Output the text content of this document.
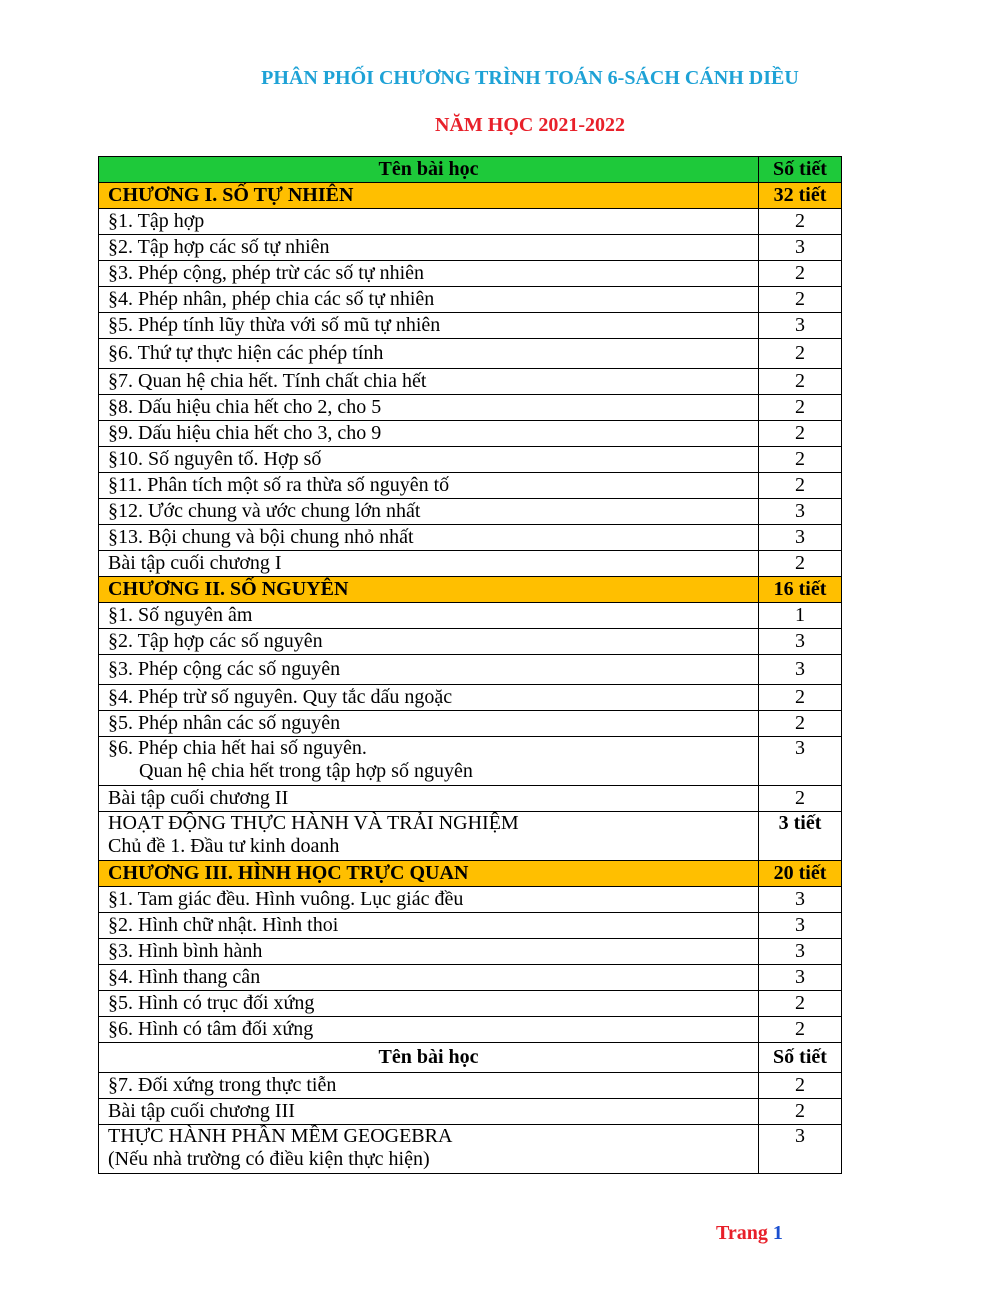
PHÂN PHỐI CHƯƠNG TRÌNH TOÁN 6-SÁCH CÁNH DIỀU

NĂM HỌC 2021-2022

Tên bài học	Số tiết
CHƯƠNG I. SỐ TỰ NHIÊN	32 tiết
§1. Tập hợp	2
§2. Tập hợp các số tự nhiên	3
§3. Phép cộng, phép trừ các số tự nhiên	2
§4. Phép nhân, phép chia các số tự nhiên	2
§5. Phép tính lũy thừa với số mũ tự nhiên	3
§6. Thứ tự thực hiện các phép tính	2
§7. Quan hệ chia hết. Tính chất chia hết	2
§8. Dấu hiệu chia hết cho 2, cho 5	2
§9. Dấu hiệu chia hết cho 3, cho 9	2
§10. Số nguyên tố. Hợp số	2
§11. Phân tích một số ra thừa số nguyên tố	2
§12. Ước chung và ước chung lớn nhất	3
§13. Bội chung và bội chung nhỏ nhất	3
Bài tập cuối chương I	2
CHƯƠNG II. SỐ NGUYÊN	16 tiết
§1. Số nguyên âm	1
§2. Tập hợp các số nguyên	3
§3. Phép cộng các số nguyên	3
§4. Phép trừ số nguyên. Quy tắc dấu ngoặc	2
§5. Phép nhân các số nguyên	2
§6. Phép chia hết hai số nguyên.
Quan hệ chia hết trong tập hợp số nguyên	3
Bài tập cuối chương II	2
HOẠT ĐỘNG THỰC HÀNH VÀ TRẢI NGHIỆM
Chủ đề 1. Đầu tư kinh doanh	3 tiết
CHƯƠNG III. HÌNH HỌC TRỰC QUAN	20 tiết
§1. Tam giác đều. Hình vuông. Lục giác đều	3
§2. Hình chữ nhật. Hình thoi	3
§3. Hình bình hành	3
§4. Hình thang cân	3
§5. Hình có trục đối xứng	2
§6. Hình có tâm đối xứng	2
Tên bài học	Số tiết
§7. Đối xứng trong thực tiễn	2
Bài tập cuối chương III	2
THỰC HÀNH PHẦN MỀM GEOGEBRA
(Nếu nhà trường có điều kiện thực hiện)	3
Trang 1
